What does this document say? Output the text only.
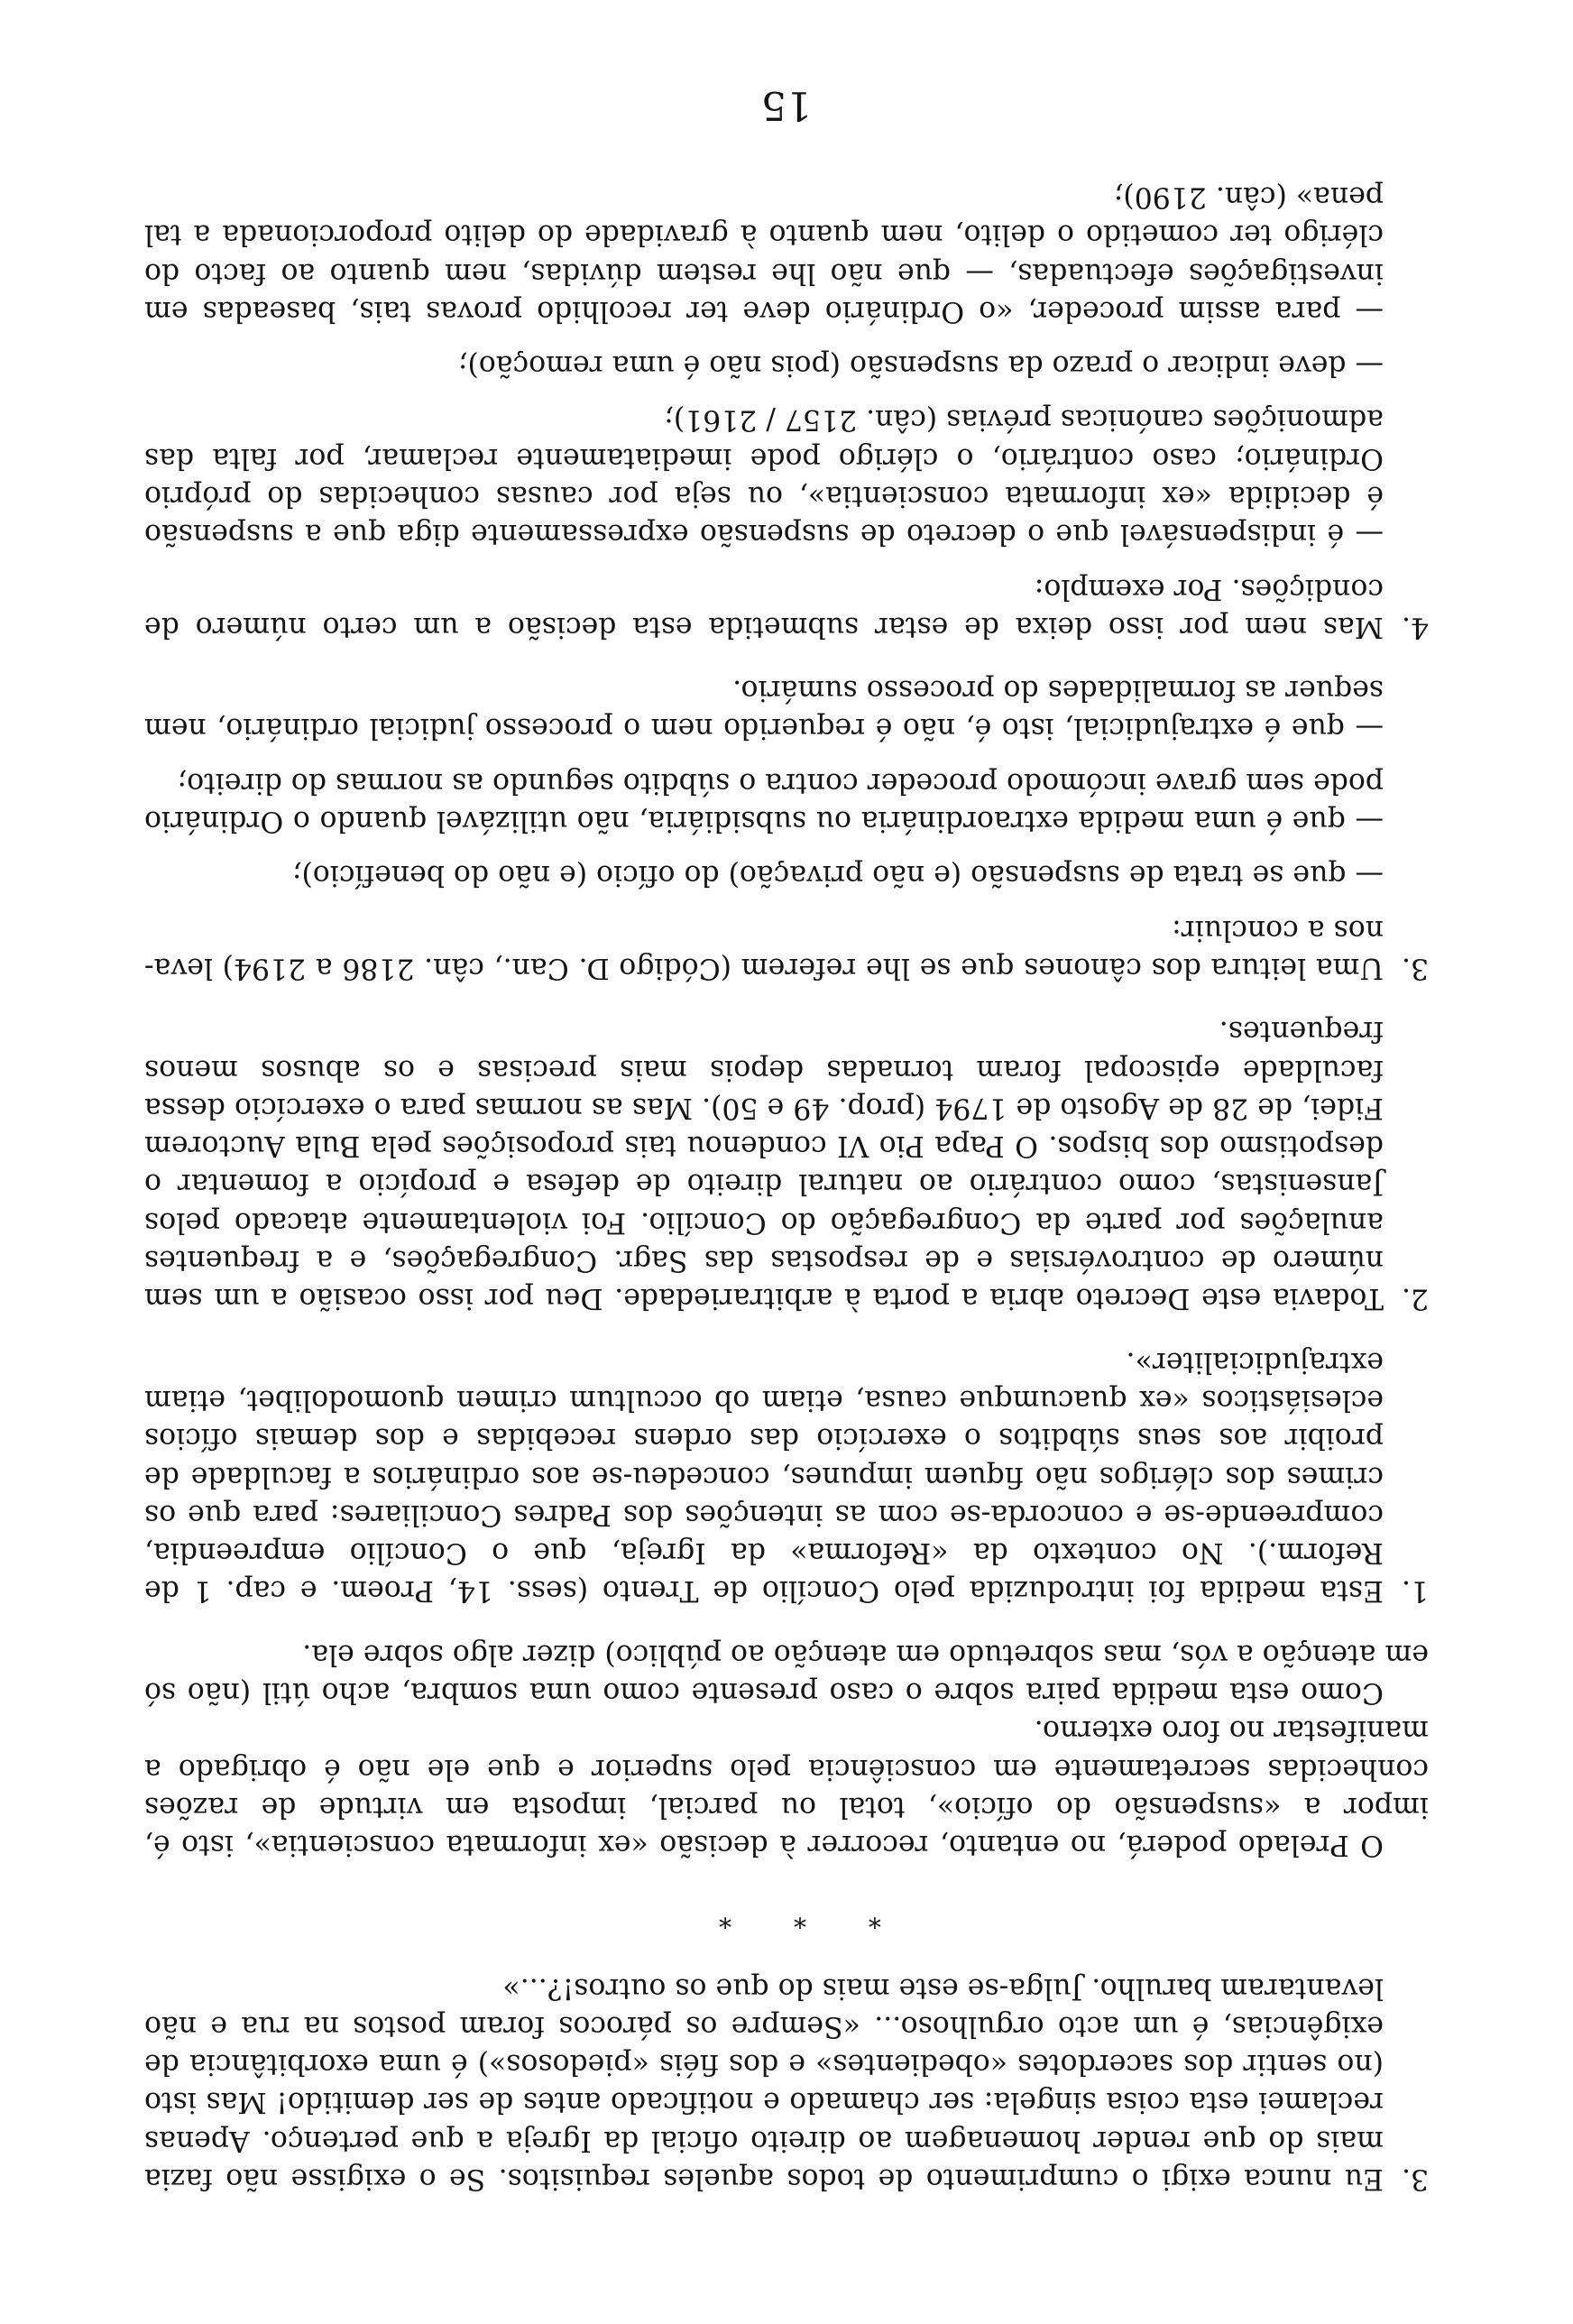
3.

Eu nunca exigi o cumprimento de todos aqueles requisitos. Se o exigisse não fazia mais do que render homenagem ao direito oficial da Igreja a que pertenço. Apenas reclamei esta coisa singela: ser chamado e notificado antes de ser demitido! Mas isto (no sentir dos sacerdotes «obedientes» e dos fiéis «piedosos») é uma exorbitância de exigências, é um acto orgulhoso... «Sempre os párocos foram postos na rua e não levantaram barulho. Julga-se este mais do que os outros!?...»

* * *

O Prelado poderá, no entanto, recorrer à decisão «ex informata conscientia», isto é, impor a «suspensão do ofício», total ou parcial, imposta em virtude de razões conhecidas secretamente em consciência pelo superior e que ele não é obrigado a manifestar no foro externo.

Como esta medida paira sobre o caso presente como uma sombra, acho útil (não só em atenção a vós, mas sobretudo em atenção ao público) dizer algo sobre ela.

1.

Esta medida foi introduzida pelo Concílio de Trento (sess. 14, Proem. e cap. 1 de Reform.). No contexto da «Reforma» da Igreja, que o Concílio empreendia, compreende-se e concorda-se com as intenções dos Padres Conciliares: para que os crimes dos clérigos não fiquem impunes, concedeu-se aos ordinários a faculdade de proibir aos seus súbditos o exercício das ordens recebidas e dos demais ofícios eclesiásticos «ex quacumque causa, etiam ob occultum crimen quomodolibet, etiam extrajudicialiter».

2.

Todavia este Decreto abria a porta à arbitrariedade. Deu por isso ocasião a um sem número de controvérsias e de respostas das Sagr. Congregações, e a frequentes anulações por parte da Congregação do Concílio. Foi violentamente atacado pelos Jansenistas, como contrário ao natural direito de defesa e propício a fomentar o despotismo dos bispos. O Papa Pio VI condenou tais proposições pela Bula Auctorem Fidei, de 28 de Agosto de 1794 (prop. 49 e 50). Mas as normas para o exercício dessa faculdade episcopal foram tornadas depois mais precisas e os abusos menos frequentes.

3.

Uma leitura dos cânones que se lhe referem (Código D. Can., cân. 2186 a 2194) leva-nos a concluir:

— que se trata de suspensão (e não privação) do ofício (e não do benefício);

— que é uma medida extraordinária ou subsidiária, não utilizável quando o Ordinário pode sem grave incómodo proceder contra o súbdito segundo as normas do direito;

— que é extrajudicial, isto é, não é requerido nem o processo judicial ordinário, nem sequer as formalidades do processo sumário.

4.

Mas nem por isso deixa de estar submetida esta decisão a um certo número de condições. Por exemplo:

— é indispensável que o decreto de suspensão expressamente diga que a suspensão é decidida «ex informata conscientia», ou seja por causas conhecidas do próprio Ordinário; caso contrário, o clérigo pode imediatamente reclamar, por falta das admonições canónicas prévias (cân. 2157 / 2161);

— deve indicar o prazo da suspensão (pois não é uma remoção);

— para assim proceder, «o Ordinário deve ter recolhido provas tais, baseadas em investigações efectuadas, — que não lhe restem dúvidas, nem quanto ao facto do clérigo ter cometido o delito, nem quanto à gravidade do delito proporcionada a tal pena» (cân. 2190);

15
